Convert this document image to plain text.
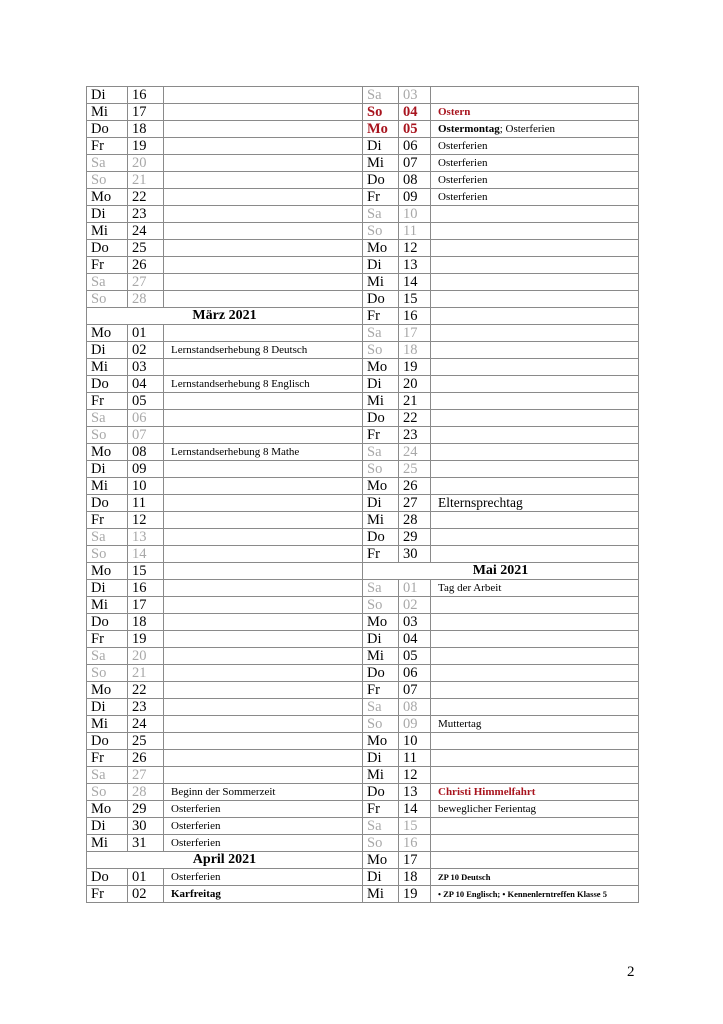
Di	16		Sa	03	
Mi	17		So	04	Ostern
Do	18		Mo	05	Ostermontag; Osterferien
Fr	19		Di	06	Osterferien
Sa	20		Mi	07	Osterferien
So	21		Do	08	Osterferien
Mo	22		Fr	09	Osterferien
Di	23		Sa	10	
Mi	24		So	11	
Do	25		Mo	12	
Fr	26		Di	13	
Sa	27		Mi	14	
So	28		Do	15	
März 2021			Fr	16	
Mo	01		Sa	17	
Di	02	Lernstandserhebung 8 Deutsch	So	18	
Mi	03		Mo	19	
Do	04	Lernstandserhebung 8 Englisch	Di	20	
Fr	05		Mi	21	
Sa	06		Do	22	
So	07		Fr	23	
Mo	08	Lernstandserhebung 8 Mathe	Sa	24	
Di	09		So	25	
Mi	10		Mo	26	
Do	11		Di	27	Elternsprechtag
Fr	12		Mi	28	
Sa	13		Do	29	
So	14		Fr	30	
Mo	15		Mai 2021		
Di	16		Sa	01	Tag der Arbeit
Mi	17		So	02	
Do	18		Mo	03	
Fr	19		Di	04	
Sa	20		Mi	05	
So	21		Do	06	
Mo	22		Fr	07	
Di	23		Sa	08	
Mi	24		So	09	Muttertag
Do	25		Mo	10	
Fr	26		Di	11	
Sa	27		Mi	12	
So	28	Beginn der Sommerzeit	Do	13	Christi Himmelfahrt
Mo	29	Osterferien	Fr	14	beweglicher Ferientag
Di	30	Osterferien	Sa	15	
Mi	31	Osterferien	So	16	
April 2021			Mo	17	
Do	01	Osterferien	Di	18	ZP 10 Deutsch
Fr	02	Karfreitag	Mi	19	• ZP 10 Englisch; • Kennenlerntreffen Klasse 5
2
